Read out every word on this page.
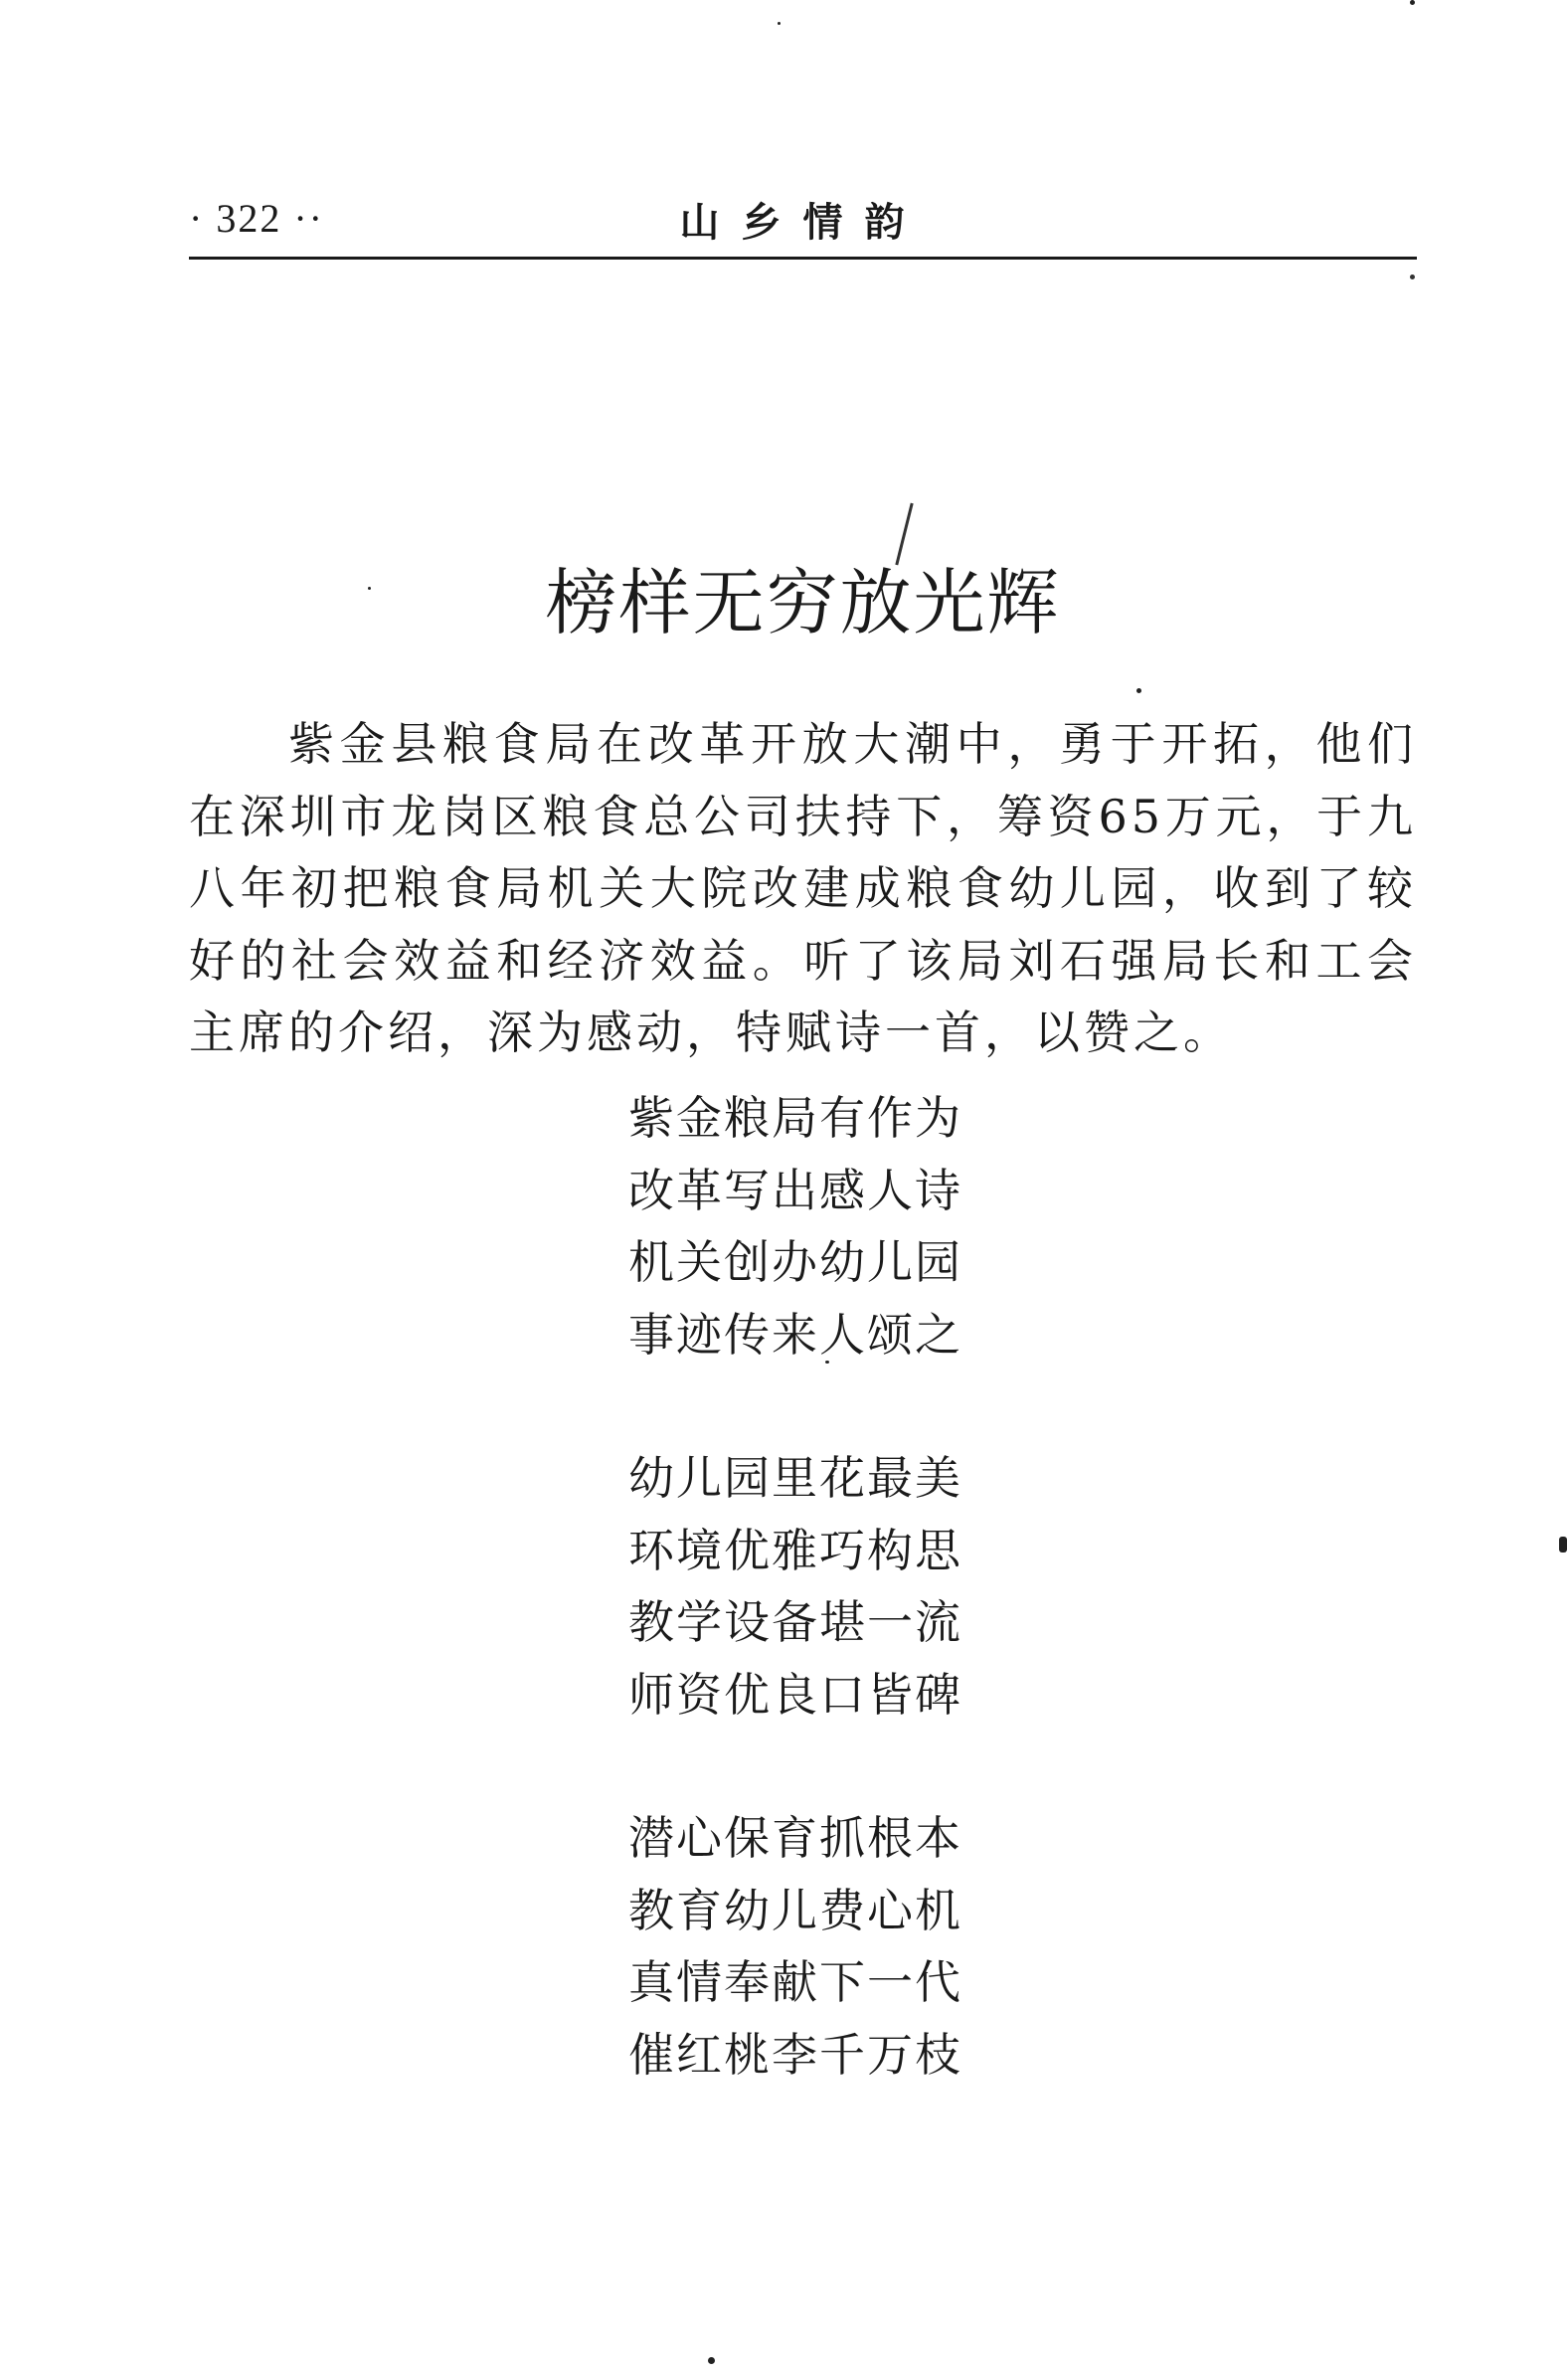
· 322 ··	山乡情韵
榜样无穷放光辉

紫金县粮食局在改革开放大潮中，勇于开拓，他们在深圳市龙岗区粮食总公司扶持下，筹资65万元，于九八年初把粮食局机关大院改建成粮食幼儿园，收到了较好的社会效益和经济效益。听了该局刘石强局长和工会主席的介绍，深为感动，特赋诗一首，以赞之。

紫金粮局有作为
改革写出感人诗
机关创办幼儿园
事迹传来人颂之
幼儿园里花最美
环境优雅巧构思
教学设备堪一流
师资优良口皆碑
潜心保育抓根本
教育幼儿费心机
真情奉献下一代
催红桃李千万枝
